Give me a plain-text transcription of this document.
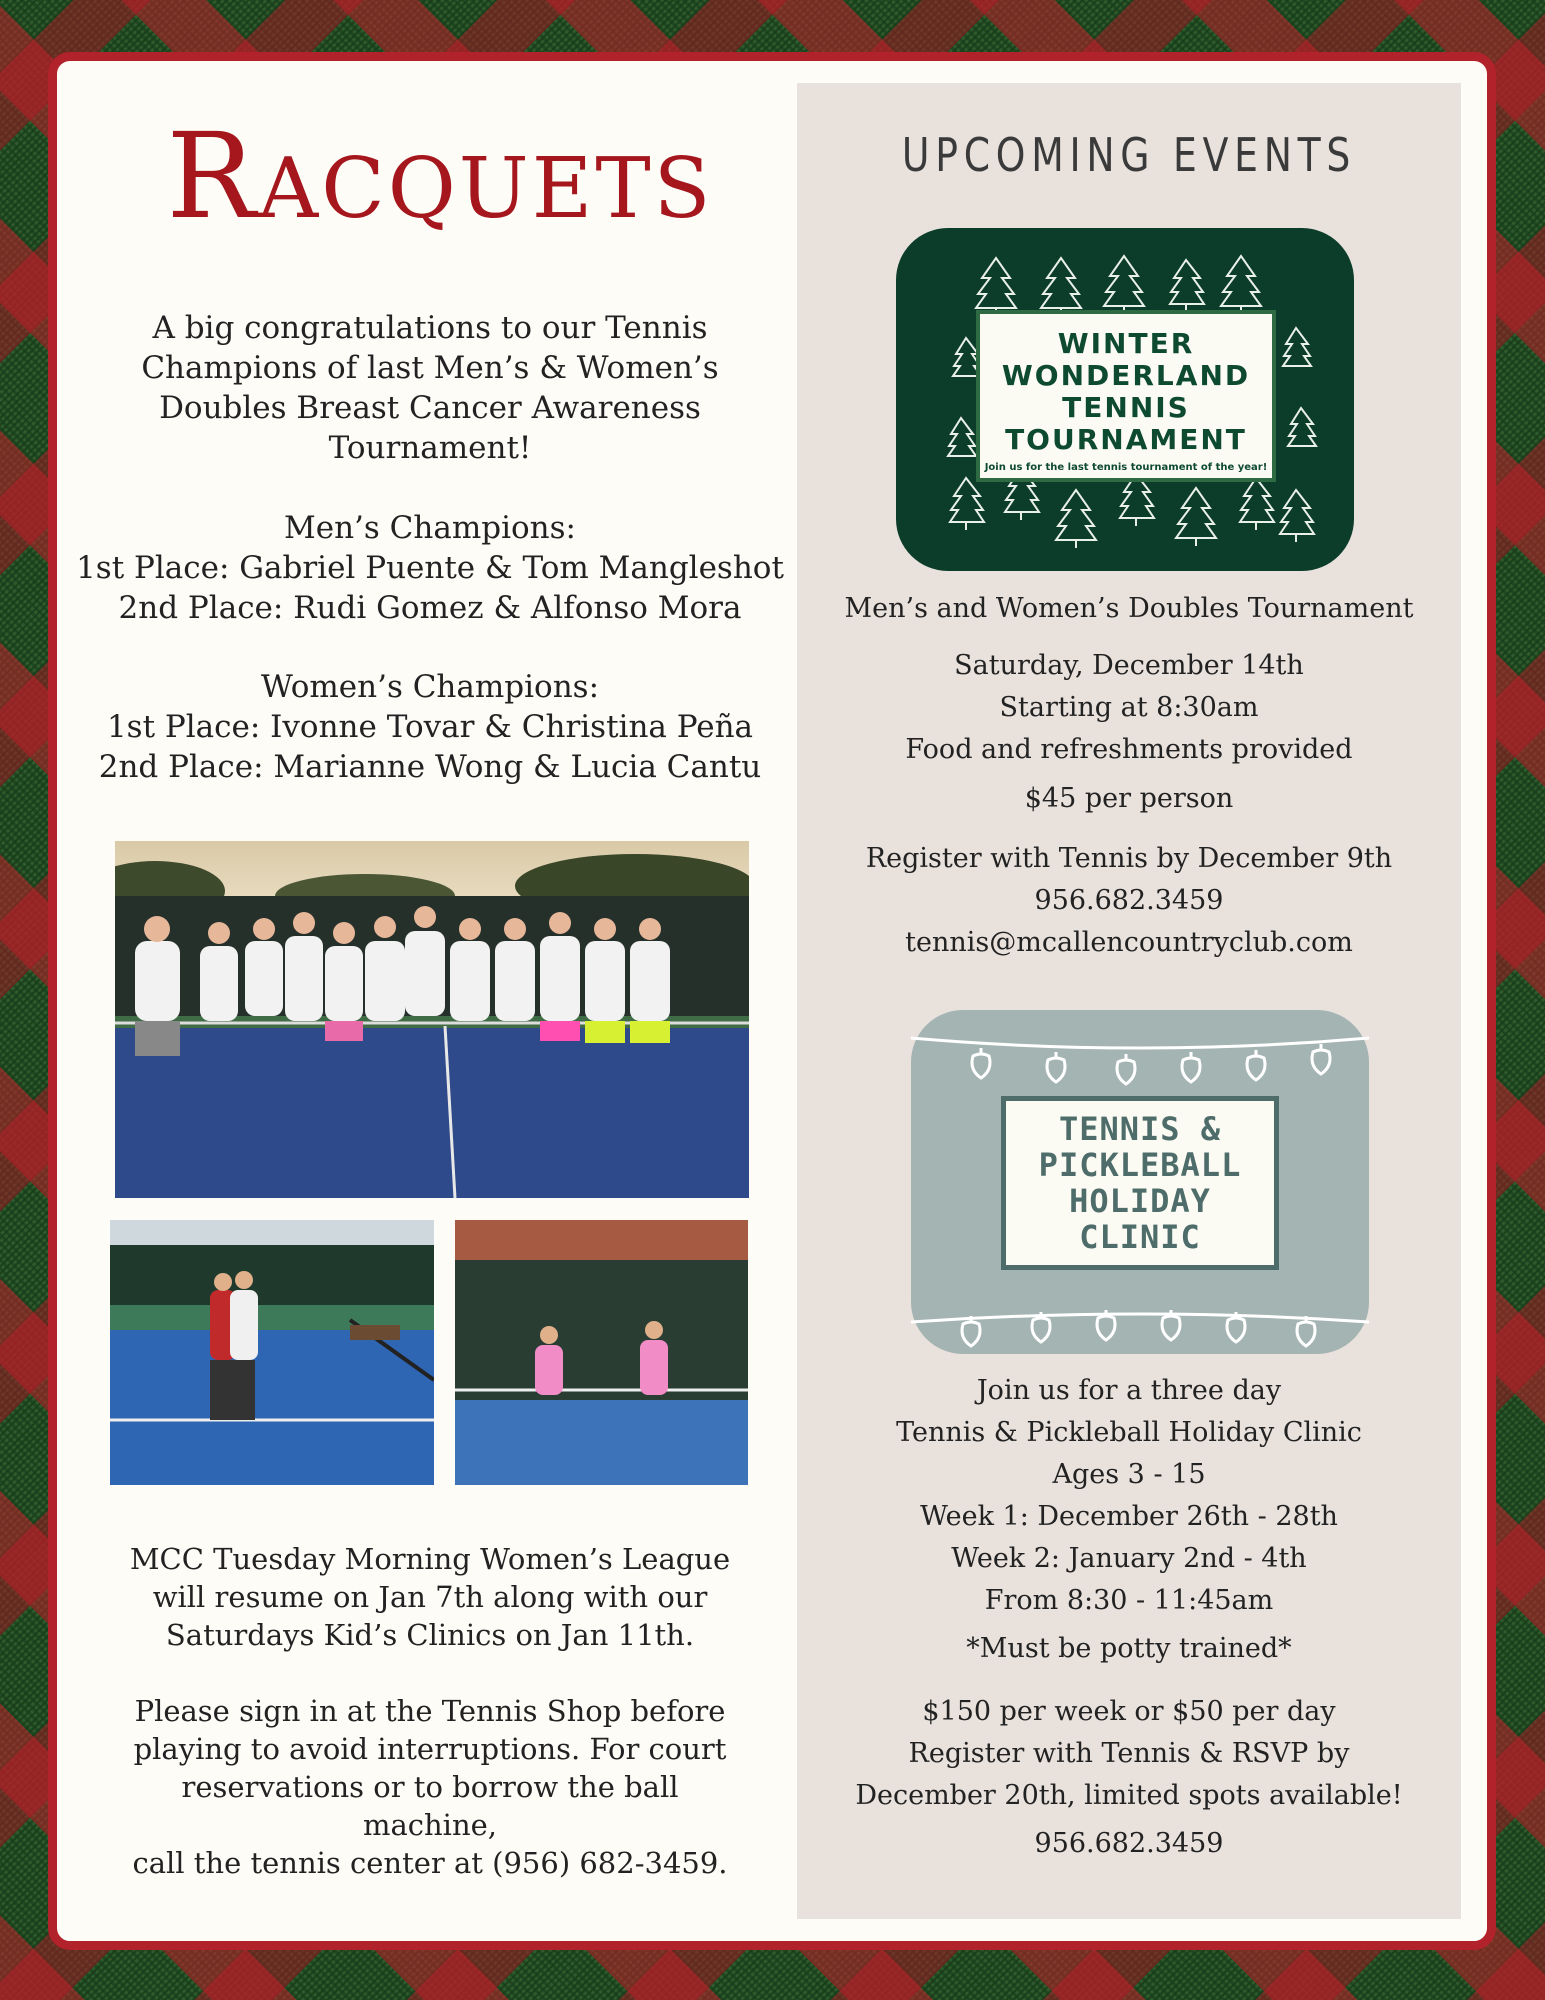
Racquets

A big congratulations to our Tennis

Champions of last Men’s & Women’s

Doubles Breast Cancer Awareness

Tournament!

Men’s Champions:

1st Place: Gabriel Puente & Tom Mangleshot

2nd Place: Rudi Gomez & Alfonso Mora

Women’s Champions:

1st Place: Ivonne Tovar & Christina Peña

2nd Place: Marianne Wong & Lucia Cantu

MCC Tuesday Morning Women’s League

will resume on Jan 7th along with our

Saturdays Kid’s Clinics on Jan 11th.

Please sign in at the Tennis Shop before

playing to avoid interruptions. For court

reservations or to borrow the ball machine,

call the tennis center at (956) 682-3459.

UPCOMING EVENTS
Men’s and Women’s Doubles Tournament
Saturday, December 14th
Starting at 8:30am
Food and refreshments provided
$45 per person
Register with Tennis by December 9th
956.682.3459
tennis@mcallencountryclub.com
Join us for a three day
Tennis & Pickleball Holiday Clinic
Ages 3 - 15
Week 1: December 26th - 28th
Week 2: January 2nd - 4th
From 8:30 - 11:45am
*Must be potty trained*
$150 per week or $50 per day
Register with Tennis & RSVP by
December 20th, limited spots available!
956.682.3459
WINTER
WONDERLAND
TENNIS
TOURNAMENT
Join us for the last tennis tournament of the year!
TENNIS &
PICKLEBALL
HOLIDAY
CLINIC
